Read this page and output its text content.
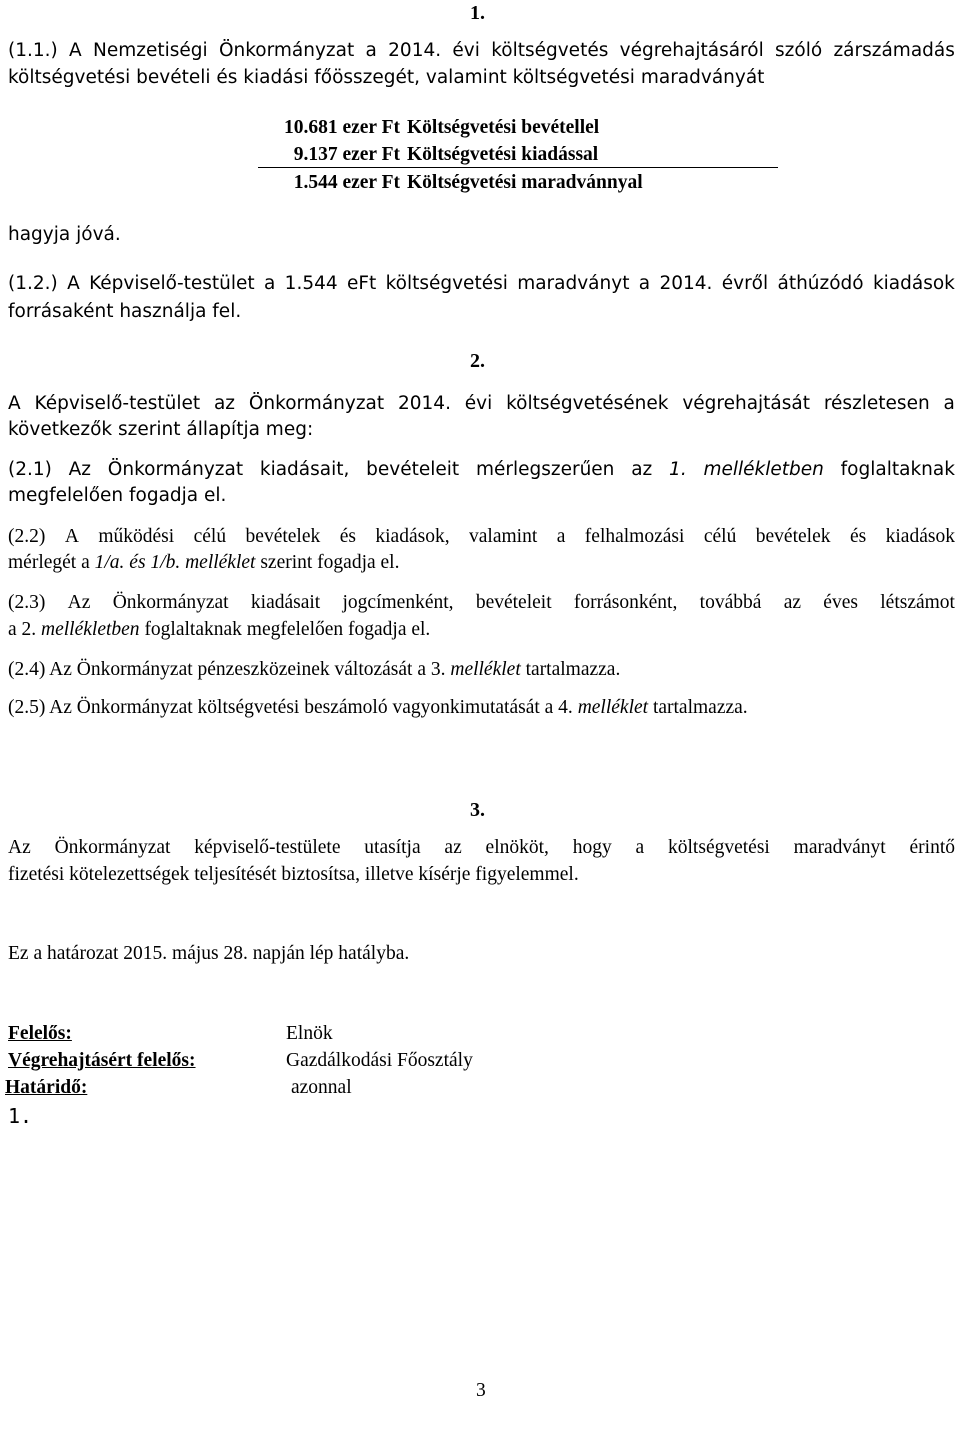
1.
(1.1.) A Nemzetiségi Önkormányzat a 2014. évi költségvetés végrehajtásáról szóló zárszámadás
költségvetési bevételi és kiadási főösszegét, valamint költségvetési maradványát
10.681 ezer Ft Költségvetési bevétellel
9.137 ezer Ft Költségvetési kiadással
1.544 ezer Ft Költségvetési maradvánnyal
hagyja jóvá.
(1.2.) A Képviselő-testület a 1.544 eFt költségvetési maradványt a 2014. évről áthúzódó kiadások
forrásaként használja fel.
2.
A Képviselő-testület az Önkormányzat 2014. évi költségvetésének végrehajtását részletesen a
következők szerint állapítja meg:
(2.1) Az Önkormányzat kiadásait, bevételeit mérlegszerűen az 1. mellékletben foglaltaknak
megfelelően fogadja el.
(2.2) A működési célú bevételek és kiadások, valamint a felhalmozási célú bevételek és kiadások
mérlegét a 1/a. és 1/b. melléklet szerint fogadja el.
(2.3) Az Önkormányzat kiadásait jogcímenként, bevételeit forrásonként, továbbá az éves létszámot
a 2. mellékletben foglaltaknak megfelelően fogadja el.
(2.4) Az Önkormányzat pénzeszközeinek változását a 3. melléklet tartalmazza.
(2.5) Az Önkormányzat költségvetési beszámoló vagyonkimutatását a 4. melléklet tartalmazza.
3.
Az Önkormányzat képviselő-testülete utasítja az elnököt, hogy a költségvetési maradványt érintő
fizetési kötelezettségek teljesítését biztosítsa, illetve kísérje figyelemmel.
Ez a határozat 2015. május 28. napján lép hatályba.
Felelős:	Elnök
Végrehajtásért felelős:	Gazdálkodási Főosztály
Határidő:	azonnal
1.
3
